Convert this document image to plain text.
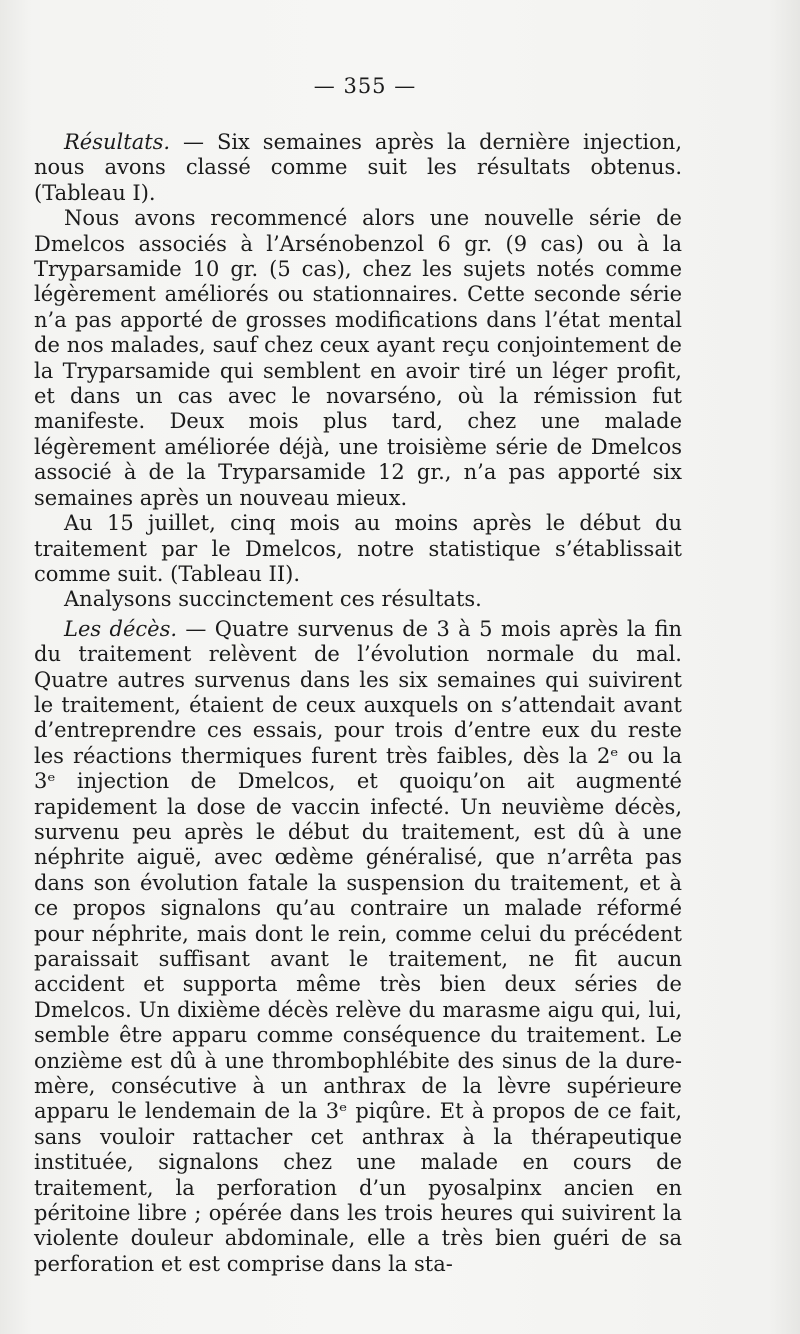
— 355 —

Résultats. — Six semaines après la dernière injection, nous avons classé comme suit les résultats obtenus. (Tableau I).

Nous avons recommencé alors une nouvelle série de Dmelcos associés à l’Arsénobenzol 6 gr. (9 cas) ou à la Tryparsamide 10 gr. (5 cas), chez les sujets notés comme légèrement améliorés ou stationnaires. Cette seconde série n’a pas apporté de grosses modifications dans l’état mental de nos malades, sauf chez ceux ayant reçu conjointement de la Tryparsamide qui semblent en avoir tiré un léger profit, et dans un cas avec le novarséno, où la rémission fut manifeste. Deux mois plus tard, chez une malade légèrement améliorée déjà, une troisième série de Dmelcos associé à de la Tryparsamide 12 gr., n’a pas apporté six semaines après un nouveau mieux.

Au 15 juillet, cinq mois au moins après le début du traitement par le Dmelcos, notre statistique s’établissait comme suit. (Tableau II).

Analysons succinctement ces résultats.

Les décès. — Quatre survenus de 3 à 5 mois après la fin du traitement relèvent de l’évolution normale du mal. Quatre autres survenus dans les six semaines qui suivirent le traitement, étaient de ceux auxquels on s’attendait avant d’entreprendre ces essais, pour trois d’entre eux du reste les réactions thermiques furent très faibles, dès la 2ᵉ ou la 3ᵉ injection de Dmelcos, et quoiqu’on ait augmenté rapidement la dose de vaccin infecté. Un neuvième décès, survenu peu après le début du traitement, est dû à une néphrite aiguë, avec œdème généralisé, que n’arrêta pas dans son évolution fatale la suspension du traitement, et à ce propos signalons qu’au contraire un malade réformé pour néphrite, mais dont le rein, comme celui du précédent paraissait suffisant avant le traitement, ne fit aucun accident et supporta même très bien deux séries de Dmelcos. Un dixième décès relève du marasme aigu qui, lui, semble être apparu comme conséquence du traitement. Le onzième est dû à une thrombophlébite des sinus de la dure-mère, consécutive à un anthrax de la lèvre supérieure apparu le lendemain de la 3ᵉ piqûre. Et à propos de ce fait, sans vouloir rattacher cet anthrax à la thérapeutique instituée, signalons chez une malade en cours de traitement, la perforation d’un pyosalpinx ancien en péritoine libre ; opérée dans les trois heures qui suivirent la violente douleur abdominale, elle a très bien guéri de sa perforation et est comprise dans la sta-
